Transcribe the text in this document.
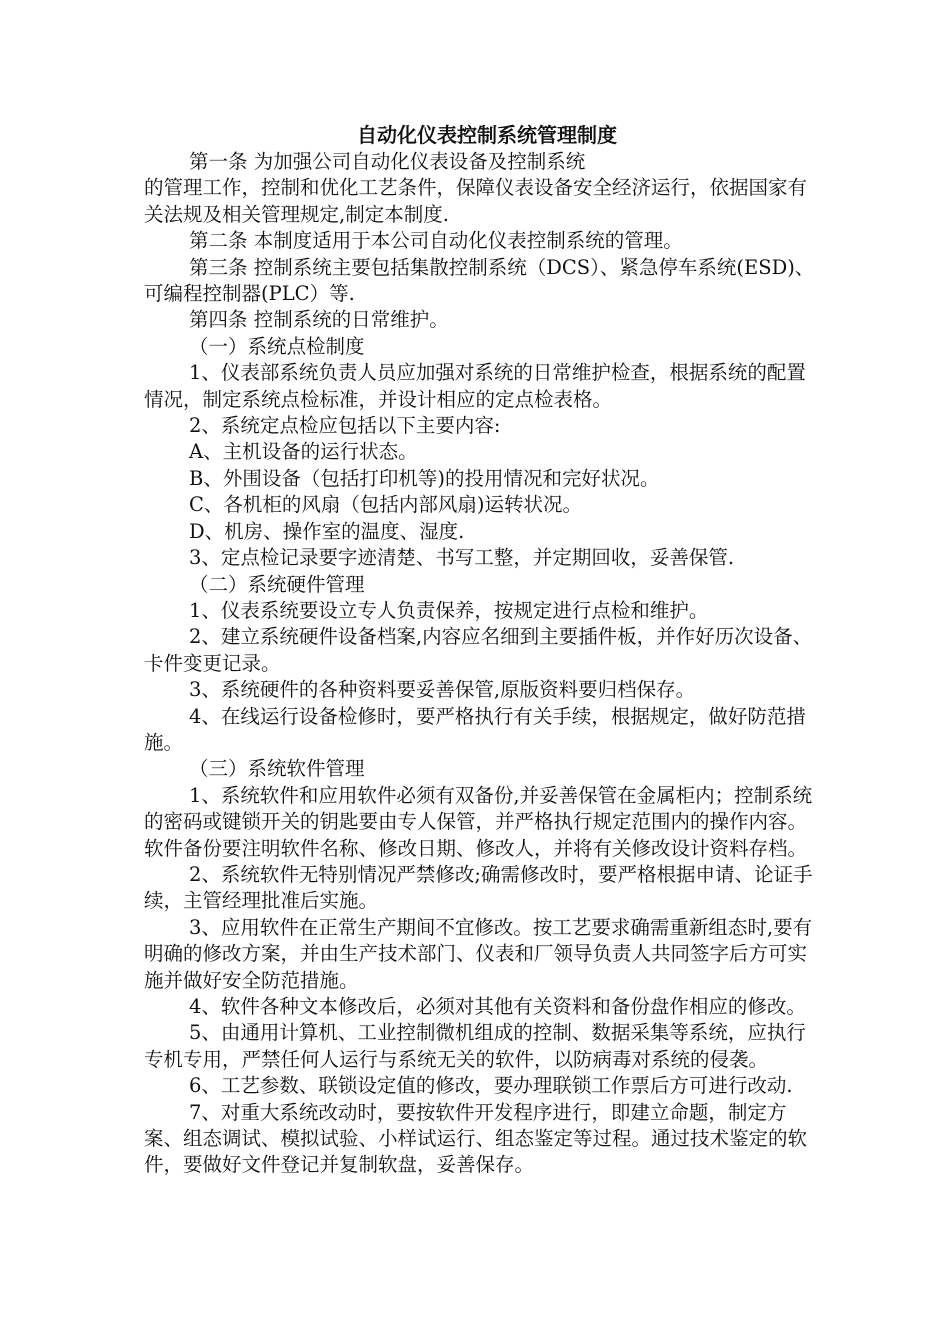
自动化仪表控制系统管理制度

第一条 为加强公司自动化仪表设备及控制系统

的管理工作，控制和优化工艺条件，保障仪表设备安全经济运行，依据国家有关法规及相关管理规定,制定本制度.

第二条 本制度适用于本公司自动化仪表控制系统的管理。

第三条 控制系统主要包括集散控制系统（DCS）、紧急停车系统(ESD)、可编程控制器(PLC）等.

第四条 控制系统的日常维护。

（一）系统点检制度

1、仪表部系统负责人员应加强对系统的日常维护检查，根据系统的配置情况，制定系统点检标准，并设计相应的定点检表格。

2、系统定点检应包括以下主要内容:

A、主机设备的运行状态。

B、外围设备（包括打印机等)的投用情况和完好状况。

C、各机柜的风扇（包括内部风扇)运转状况。

D、机房、操作室的温度、湿度.

3、定点检记录要字迹清楚、书写工整，并定期回收，妥善保管.

（二）系统硬件管理

1、仪表系统要设立专人负责保养，按规定进行点检和维护。

2、建立系统硬件设备档案,内容应名细到主要插件板，并作好历次设备、卡件变更记录。

3、系统硬件的各种资料要妥善保管,原版资料要归档保存。

4、在线运行设备检修时，要严格执行有关手续，根据规定，做好防范措施。

（三）系统软件管理

1、系统软件和应用软件必须有双备份,并妥善保管在金属柜内；控制系统的密码或键锁开关的钥匙要由专人保管，并严格执行规定范围内的操作内容。软件备份要注明软件名称、修改日期、修改人，并将有关修改设计资料存档。

2、系统软件无特别情况严禁修改;确需修改时，要严格根据申请、论证手续，主管经理批准后实施。

3、应用软件在正常生产期间不宜修改。按工艺要求确需重新组态时,要有明确的修改方案，并由生产技术部门、仪表和厂领导负责人共同签字后方可实施并做好安全防范措施。

4、软件各种文本修改后，必须对其他有关资料和备份盘作相应的修改。

5、由通用计算机、工业控制微机组成的控制、数据采集等系统，应执行专机专用，严禁任何人运行与系统无关的软件，以防病毒对系统的侵袭。

6、工艺参数、联锁设定值的修改，要办理联锁工作票后方可进行改动.

7、对重大系统改动时，要按软件开发程序进行，即建立命题，制定方案、组态调试、模拟试验、小样试运行、组态鉴定等过程。通过技术鉴定的软件，要做好文件登记并复制软盘，妥善保存。
